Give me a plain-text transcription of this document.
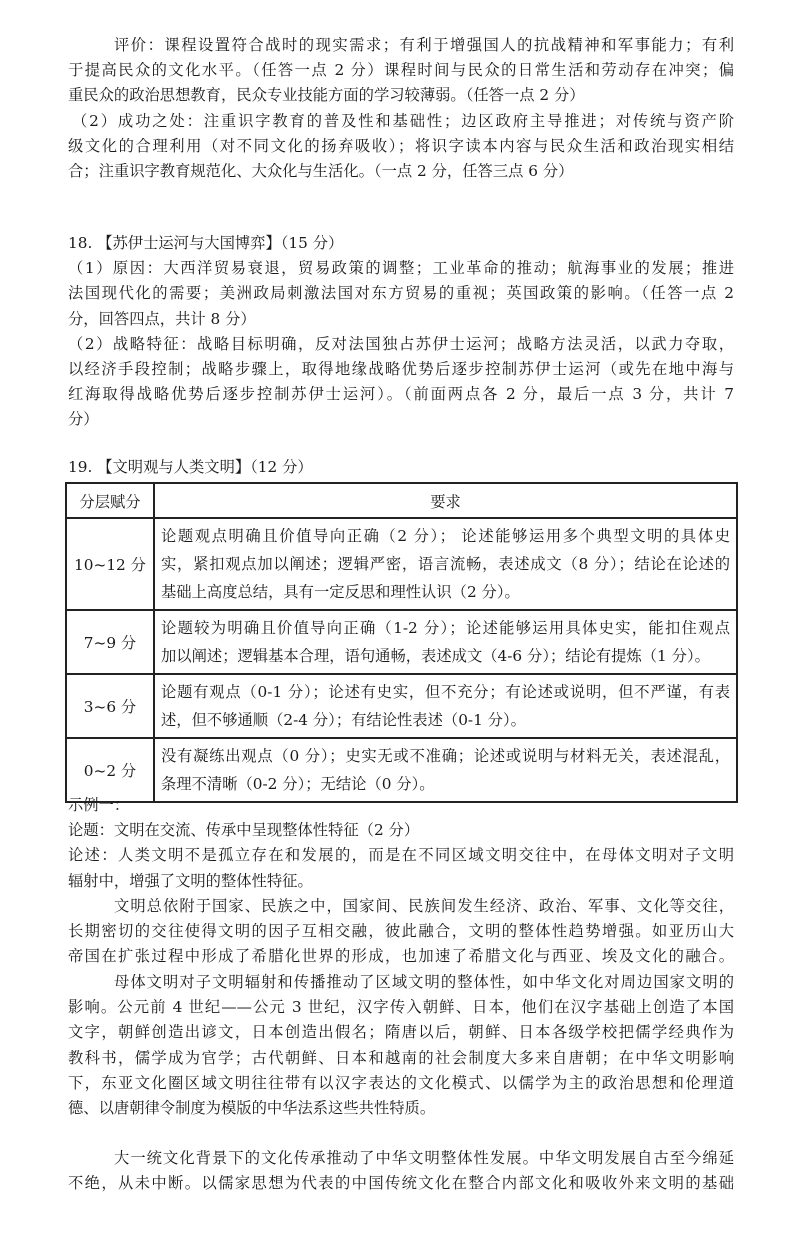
评价：课程设置符合战时的现实需求；有利于增强国人的抗战精神和军事能力；有利
于提高民众的文化水平。（任答一点 2 分）课程时间与民众的日常生活和劳动存在冲突；偏
重民众的政治思想教育，民众专业技能方面的学习较薄弱。（任答一点 2 分）
（2）成功之处：注重识字教育的普及性和基础性；边区政府主导推进；对传统与资产阶
级文化的合理利用（对不同文化的扬弃吸收）；将识字读本内容与民众生活和政治现实相结
合；注重识字教育规范化、大众化与生活化。（一点 2 分，任答三点 6 分）
18. 【苏伊士运河与大国博弈】（15 分）
（1）原因：大西洋贸易衰退，贸易政策的调整；工业革命的推动；航海事业的发展；推进
法国现代化的需要；美洲政局刺激法国对东方贸易的重视；英国政策的影响。（任答一点 2
分，回答四点，共计 8 分）
（2）战略特征：战略目标明确，反对法国独占苏伊士运河；战略方法灵活，以武力夺取，
以经济手段控制；战略步骤上，取得地缘战略优势后逐步控制苏伊士运河（或先在地中海与
红海取得战略优势后逐步控制苏伊士运河）。（前面两点各 2 分，最后一点 3 分，共计 7
分）
19. 【文明观与人类文明】（12 分）
分层赋分	要求
10~12 分	论题观点明确且价值导向正确（2 分）； 论述能够运用多个典型文明的具体史
实，紧扣观点加以阐述；逻辑严密，语言流畅，表述成文（8 分）；结论在论述的
基础上高度总结，具有一定反思和理性认识（2 分）。

7~9 分	论题较为明确且价值导向正确（1-2 分）；论述能够运用具体史实，能扣住观点
加以阐述；逻辑基本合理，语句通畅，表述成文（4-6 分）；结论有提炼（1 分）。

3~6 分	论题有观点（0-1 分）；论述有史实，但不充分；有论述或说明，但不严谨，有表
述，但不够通顺（2-4 分）；有结论性表述（0-1 分）。

0~2 分	没有凝练出观点（0 分）；史实无或不准确；论述或说明与材料无关，表述混乱，
条理不清晰（0-2 分）；无结论（0 分）。
示例一：
论题：文明在交流、传承中呈现整体性特征（2 分）
论述：人类文明不是孤立存在和发展的，而是在不同区域文明交往中，在母体文明对子文明
辐射中，增强了文明的整体性特征。
文明总依附于国家、民族之中，国家间、民族间发生经济、政治、军事、文化等交往，
长期密切的交往使得文明的因子互相交融，彼此融合，文明的整体性趋势增强。如亚历山大
帝国在扩张过程中形成了希腊化世界的形成，也加速了希腊文化与西亚、埃及文化的融合。
母体文明对子文明辐射和传播推动了区域文明的整体性，如中华文化对周边国家文明的
影响。公元前 4 世纪——公元 3 世纪，汉字传入朝鲜、日本，他们在汉字基础上创造了本国
文字，朝鲜创造出谚文，日本创造出假名；隋唐以后，朝鲜、日本各级学校把儒学经典作为
教科书，儒学成为官学；古代朝鲜、日本和越南的社会制度大多来自唐朝；在中华文明影响
下，东亚文化圈区域文明往往带有以汉字表达的文化模式、以儒学为主的政治思想和伦理道
德、以唐朝律令制度为模版的中华法系这些共性特质。
大一统文化背景下的文化传承推动了中华文明整体性发展。中华文明发展自古至今绵延
不绝，从未中断。以儒家思想为代表的中国传统文化在整合内部文化和吸收外来文明的基础
